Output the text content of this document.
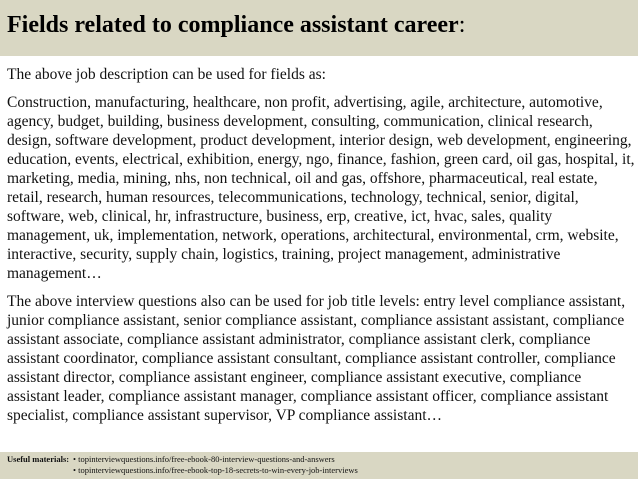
Fields related to compliance assistant career:

The above job description can be used for fields as:

Construction, manufacturing, healthcare, non profit, advertising, agile, architecture, automotive, agency, budget, building, business development, consulting, communication, clinical research, design, software development, product development, interior design, web development, engineering, education, events, electrical, exhibition, energy, ngo, finance, fashion, green card, oil gas, hospital, it, marketing, media, mining, nhs, non technical, oil and gas, offshore, pharmaceutical, real estate, retail, research, human resources, telecommunications, technology, technical, senior, digital, software, web, clinical, hr, infrastructure, business, erp, creative, ict, hvac, sales, quality management, uk, implementation, network, operations, architectural, environmental, crm, website, interactive, security, supply chain, logistics, training, project management, administrative management…

The above interview questions also can be used for job title levels: entry level compliance assistant, junior compliance assistant, senior compliance assistant, compliance assistant assistant, compliance assistant associate, compliance assistant administrator, compliance assistant clerk, compliance assistant coordinator, compliance assistant consultant, compliance assistant controller, compliance assistant director, compliance assistant engineer, compliance assistant executive, compliance assistant leader, compliance assistant manager, compliance assistant officer, compliance assistant specialist, compliance assistant supervisor, VP compliance assistant…

Useful materials: • topinterviewquestions.info/free-ebook-80-interview-questions-and-answers
• topinterviewquestions.info/free-ebook-top-18-secrets-to-win-every-job-interviews
